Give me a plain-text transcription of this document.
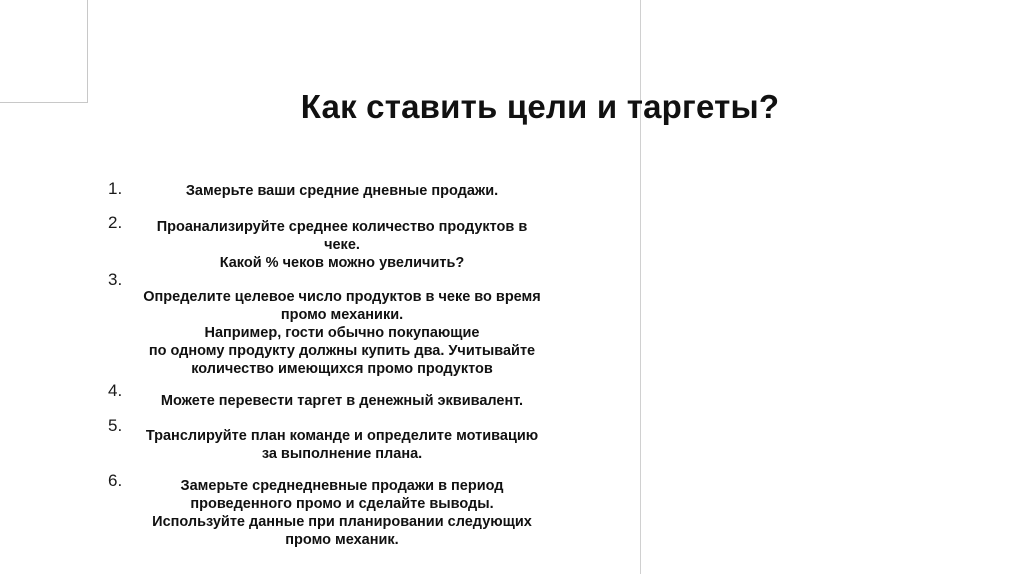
Как ставить цели и таргеты?
1.	Замерьте ваши средние дневные продажи.
2.	Проанализируйте среднее количество продуктов в
чеке.
Какой % чеков можно увеличить?
3.
Определите целевое число продуктов в чеке во время
промо механики.
Например, гости обычно покупающие
по одному продукту должны купить два. Учитывайте
количество имеющихся промо продуктов
4.
Можете перевести таргет в денежный эквивалент.
5.
Транслируйте план команде и определите мотивацию
за выполнение плана.
6.	Замерьте среднедневные продажи в период
проведенного промо и сделайте выводы.
Используйте данные при планировании следующих
промо механик.
